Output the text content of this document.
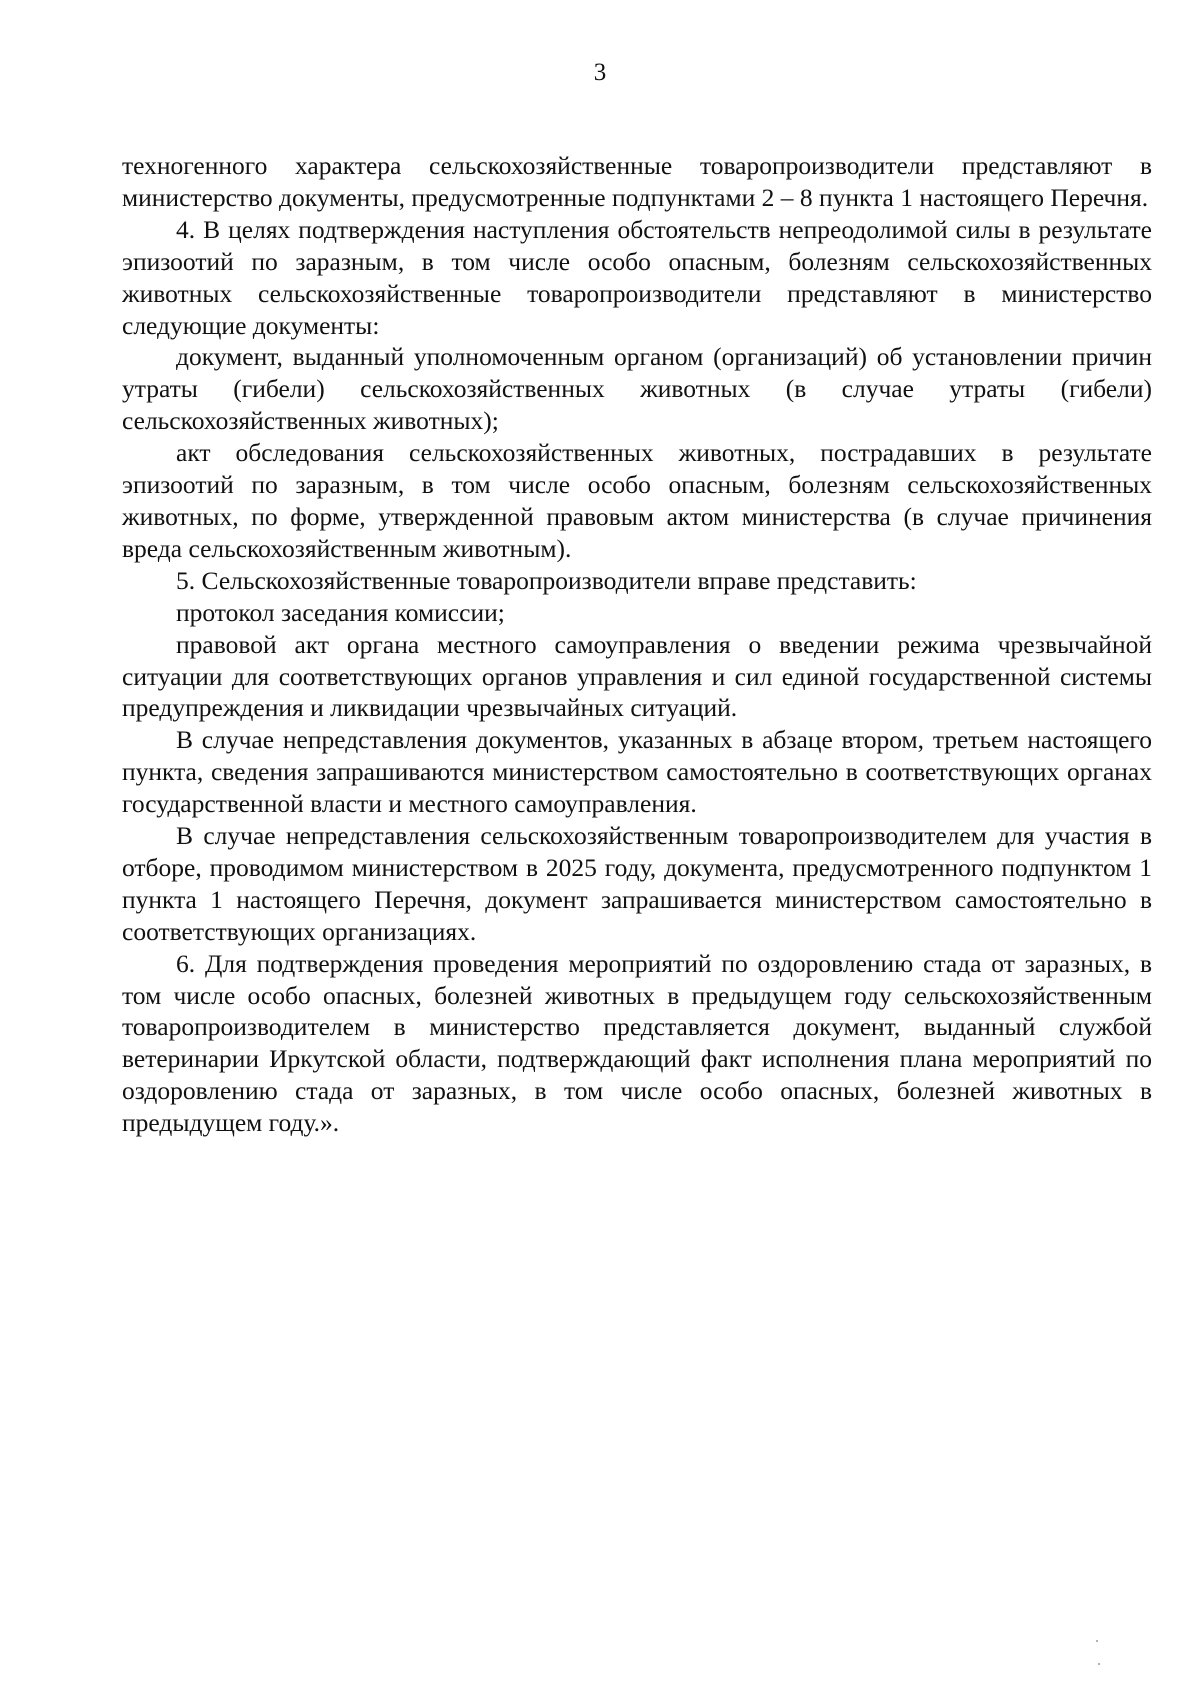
3

техногенного характера сельскохозяйственные товаропроизводители представляют в министерство документы, предусмотренные подпунктами 2 – 8 пункта 1 настоящего Перечня.

4. В целях подтверждения наступления обстоятельств непреодолимой силы в результате эпизоотий по заразным, в том числе особо опасным, болезням сельскохозяйственных животных сельскохозяйственные товаропроизводители представляют в министерство следующие документы:

документ, выданный уполномоченным органом (организаций) об установлении причин утраты (гибели) сельскохозяйственных животных (в случае утраты (гибели) сельскохозяйственных животных);

акт обследования сельскохозяйственных животных, пострадавших в результате эпизоотий по заразным, в том числе особо опасным, болезням сельскохозяйственных животных, по форме, утвержденной правовым актом министерства (в случае причинения вреда сельскохозяйственным животным).

5. Сельскохозяйственные товаропроизводители вправе представить:

протокол заседания комиссии;

правовой акт органа местного самоуправления о введении режима чрезвычайной ситуации для соответствующих органов управления и сил единой государственной системы предупреждения и ликвидации чрезвычайных ситуаций.

В случае непредставления документов, указанных в абзаце втором, третьем настоящего пункта, сведения запрашиваются министерством самостоятельно в соответствующих органах государственной власти и местного самоуправления.

В случае непредставления сельскохозяйственным товаропроизводителем для участия в отборе, проводимом министерством в 2025 году, документа, предусмотренного подпунктом 1 пункта 1 настоящего Перечня, документ запрашивается министерством самостоятельно в соответствующих организациях.

6. Для подтверждения проведения мероприятий по оздоровлению стада от заразных, в том числе особо опасных, болезней животных в предыдущем году сельскохозяйственным товаропроизводителем в министерство представляется документ, выданный службой ветеринарии Иркутской области, подтверждающий факт исполнения плана мероприятий по оздоровлению стада от заразных, в том числе особо опасных, болезней животных в предыдущем году.».
